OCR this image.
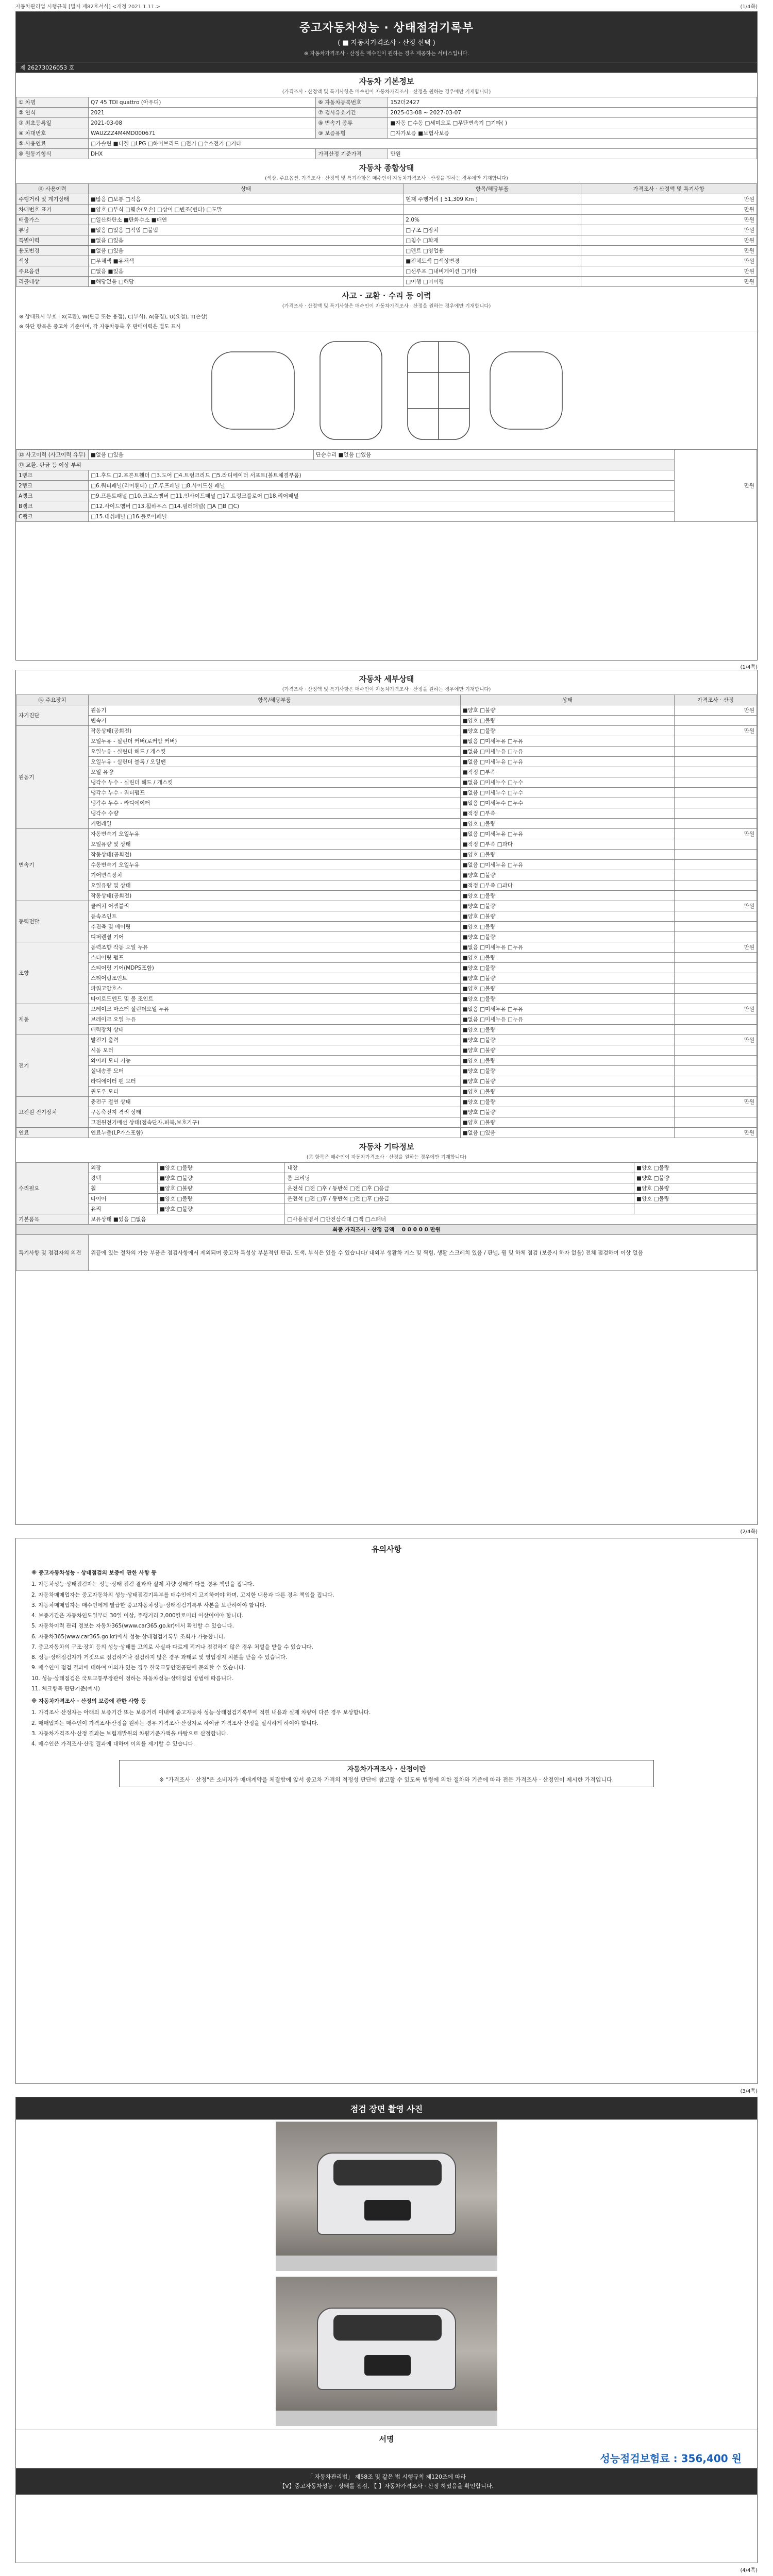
자동차관리법 시행규칙 [별지 제82호서식] <개정 2021.1.11.>	(1/4쪽)
중고자동차성능 · 상태점검기록부
( ■ 자동차가격조사 · 산정 선택 )
※ 자동차가격조사 · 산정은 매수인이 원하는 경우 제공하는 서비스입니다.
제 26273026053 호
자동차 기본정보
(가격조사 · 산정액 및 특기사항은 매수인이 자동차가격조사 · 산정을 원하는 경우에만 기재합니다)
① 차명	Q7 45 TDI quattro (아우디)	⑥ 자동차등록번호	152더2427
② 연식	2021	⑦ 검사유효기간	2025-03-08 ~ 2027-03-07
③ 최초등록일	2021-03-08	⑧ 변속기 종류	■자동 □수동 □세미오토 □무단변속기 □기타( )
④ 차대번호	WAUZZZ4M4MD000671	⑨ 보증유형	□자가보증 ■보험사보증
⑤ 사용연료	□가솔린 ■디젤 □LPG □하이브리드 □전기 □수소전기 □기타		
⑩ 원동기형식	DHX	가격산정 기준가격	만원
자동차 종합상태
(색상, 주요옵션, 가격조사 · 산정액 및 특기사항은 매수인이 자동차가격조사 · 산정을 원하는 경우에만 기재합니다)
⑪ 사용이력	상태	항목/해당부품	가격조사 · 산정액 및 특기사항
주행거리 및 계기상태	■많음 □보통 □적음	현재 주행거리 [ 51,309 Km ]	만원
차대번호 표기	■양호 □부식 □훼손(오손) □상이 □변조(변타) □도말		만원
배출가스	□일산화탄소 ■탄화수소 ■매연	2.0%	만원
튜닝	■없음 □있음 □적법 □불법	□구조 □장치	만원
특별이력	■없음 □있음	□침수 □화재	만원
용도변경	■없음 □있음	□렌트 □영업용	만원
색상	□무채색 ■유채색	■전체도색 □색상변경	만원
주요옵션	□없음 ■있음	□선루프 □내비게이션 □기타	만원
리콜대상	■해당없음 □해당	□이행 □미이행	만원
사고 · 교환 · 수리 등 이력
(가격조사 · 산정액 및 특기사항은 매수인이 자동차가격조사 · 산정을 원하는 경우에만 기재합니다)
※ 상태표시 부호 : X(교환), W(판금 또는 용접), C(부식), A(흠집), U(요철), T(손상)
※ 하단 항목은 중고차 기준이며, 각 자동차등록 후 판매이력은 별도 표시
⑫ 사고이력 (사고이력 유무)	■없음 □있음	단순수리 ■없음 □있음	만원
⑬ 교환, 판금 등 이상 부위			
1랭크	□1.후드 □2.프론트휀더 □3.도어 □4.트렁크리드 □5.라디에이터 서포트(볼트체결부품)		
2랭크	□6.쿼터패널(리어휀더) □7.루프패널 □8.사이드실 패널		
A랭크	□9.프론트패널 □10.크로스멤버 □11.인사이드패널 □17.트렁크플로어 □18.리어패널		
B랭크	□12.사이드멤버 □13.휠하우스 □14.필러패널( □A □B □C)		
C랭크	□15.대쉬패널 □16.플로어패널		
(1/4쪽)
자동차 세부상태
(가격조사 · 산정액 및 특기사항은 매수인이 자동차가격조사 · 산정을 원하는 경우에만 기재합니다)
⑭ 주요장치	항목/해당부품	상태	가격조사 · 산정
자기진단	원동기	■양호 □불량	만원
	변속기	■양호 □불량	
원동기	작동상태(공회전)	■양호 □불량	만원
	오일누유 - 실린더 커버(로커암 커버)	■없음 □미세누유 □누유	
	오일누유 - 실린더 헤드 / 개스킷	■없음 □미세누유 □누유	
	오일누유 - 실린더 블록 / 오일팬	■없음 □미세누유 □누유	
	오일 유량	■적정 □부족	
	냉각수 누수 - 실린더 헤드 / 개스킷	■없음 □미세누수 □누수	
	냉각수 누수 - 워터펌프	■없음 □미세누수 □누수	
	냉각수 누수 - 라디에이터	■없음 □미세누수 □누수	
	냉각수 수량	■적정 □부족	
	커먼레일	■양호 □불량	
변속기	자동변속기 오일누유	■없음 □미세누유 □누유	만원
	오일유량 및 상태	■적정 □부족 □과다	
	작동상태(공회전)	■양호 □불량	
	수동변속기 오일누유	■없음 □미세누유 □누유	
	기어변속장치	■양호 □불량	
	오일유량 및 상태	■적정 □부족 □과다	
	작동상태(공회전)	■양호 □불량	
동력전달	클러치 어셈블리	■양호 □불량	만원
	등속조인트	■양호 □불량	
	추진축 및 베어링	■양호 □불량	
	디퍼렌셜 기어	■양호 □불량	
조향	동력조향 작동 오일 누유	■없음 □미세누유 □누유	만원
	스티어링 펌프	■양호 □불량	
	스티어링 기어(MDPS포함)	■양호 □불량	
	스티어링조인트	■양호 □불량	
	파워고압호스	■양호 □불량	
	타이로드엔드 및 볼 조인트	■양호 □불량	
제동	브레이크 마스터 실린더오일 누유	■없음 □미세누유 □누유	만원
	브레이크 오일 누유	■없음 □미세누유 □누유	
	배력장치 상태	■양호 □불량	
전기	발전기 출력	■양호 □불량	만원
	시동 모터	■양호 □불량	
	와이퍼 모터 기능	■양호 □불량	
	실내송풍 모터	■양호 □불량	
	라디에이터 팬 모터	■양호 □불량	
	윈도우 모터	■양호 □불량	
고전원 전기장치	충전구 절연 상태	■양호 □불량	만원
	구동축전지 격리 상태	■양호 □불량	
	고전원전기배선 상태(접속단자,피복,보호기구)	■양호 □불량	
연료	연료누출(LP가스포함)	■없음 □있음	만원
자동차 기타정보
(⑮ 항목은 매수인이 자동차가격조사 · 산정을 원하는 경우에만 기재합니다)
수리필요	외장	■양호 □불량	내장	■양호 □불량
	광택	■양호 □불량	룸 크리닝	■양호 □불량
	휠	■양호 □불량	운전석 □전 □후 / 동반석 □전 □후 □응급	■양호 □불량
	타이어	■양호 □불량	운전석 □전 □후 / 동반석 □전 □후 □응급	■양호 □불량
	유리	■양호 □불량		
기본품목	보유상태 ■있음 □없음		□사용설명서 □안전삼각대 □잭 □스패너	
최종 가격조사 · 산정 금액 0 0 0 0 0 만원				
특기사항 및 점검자의 의견	위끝에 있는 절차의 가능 부품은 점검사항에서 제외되며 중고차 특성상 부분적인 판금, 도색, 부식은 있을 수 있습니다/ 내외부 생활차 기스 및 찍힘, 생활 스크레치 있음 / 판넬, 휠 및 하체 점검 (보증시 하자 없음) 전체 점검하여 이상 없음			
(2/4쪽)
유의사항
※ 중고자동차성능 · 상태점검의 보증에 관한 사항 등

1. 자동차성능·상태점검자는 성능·상태 점검 결과와 실제 차량 상태가 다를 경우 책임을 집니다.

2. 자동차매매업자는 중고자동차의 성능·상태점검기록부를 매수인에게 고지하여야 하며, 고지한 내용과 다른 경우 책임을 집니다.

3. 자동차매매업자는 매수인에게 발급한 중고자동차성능·상태점검기록부 사본을 보관하여야 합니다.

4. 보증기간은 자동차인도일부터 30일 이상, 주행거리 2,000킬로미터 이상이어야 합니다.

5. 자동차이력 관리 정보는 자동차365(www.car365.go.kr)에서 확인할 수 있습니다.

6. 자동차365(www.car365.go.kr)에서 성능·상태점검기록부 조회가 가능합니다.

7. 중고자동차의 구조·장치 등의 성능·상태를 고의로 사실과 다르게 적거나 점검하지 않은 경우 처벌을 받을 수 있습니다.

8. 성능·상태점검자가 거짓으로 점검하거나 점검하지 않은 경우 과태료 및 영업정지 처분을 받을 수 있습니다.

9. 매수인이 점검 결과에 대하여 이의가 있는 경우 한국교통안전공단에 문의할 수 있습니다.

10. 성능·상태점검은 국토교통부장관이 정하는 자동차성능·상태점검 방법에 따릅니다.

11. 체크항목 판단기준(예시)

※ 자동차가격조사 · 산정의 보증에 관한 사항 등

1. 가격조사·산정자는 아래의 보증기간 또는 보증거리 이내에 중고자동차 성능·상태점검기록부에 적힌 내용과 실제 차량이 다른 경우 보상합니다.

2. 매매업자는 매수인이 가격조사·산정을 원하는 경우 가격조사·산정자로 하여금 가격조사·산정을 실시하게 하여야 합니다.

3. 자동차가격조사·산정 결과는 보험개발원의 차량기준가액을 바탕으로 산정합니다.

4. 매수인은 가격조사·산정 결과에 대하여 이의를 제기할 수 있습니다.

자동차가격조사 · 산정이란
※ "가격조사 · 산정"은 소비자가 매매계약을 체결함에 앞서 중고차 가격의 적정성 판단에 참고할 수 있도록 법령에 의한 절차와 기준에 따라 전문 가격조사 · 산정인이 제시한 가격입니다.
(3/4쪽)
점검 장면 촬영 사진

서명
성능점검보험료 : 356,400 원
「 자동차관리법」 제58조 및 같은 법 시행규칙 제120조에 따라
【V】중고자동차성능 · 상태를 점검, 【 】자동차가격조사 · 산정 하였음을 확인합니다.
(4/4쪽)
